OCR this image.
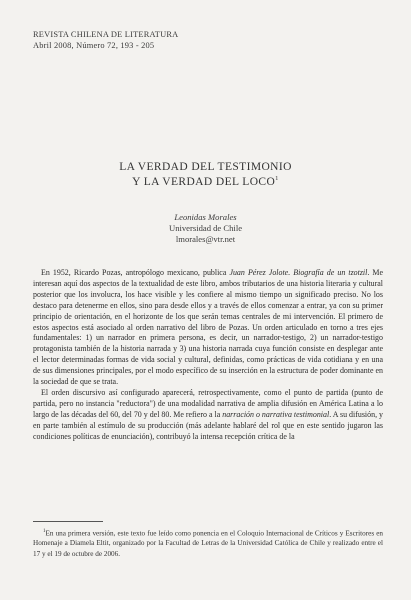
REVISTA CHILENA DE LITERATURA
Abril 2008, Número 72, 193 - 205
LA VERDAD DEL TESTIMONIO
Y LA VERDAD DEL LOCO$^1$
Leonidas Morales
Universidad de Chile
lmorales@vtr.net

En 1952, Ricardo Pozas, antropólogo mexicano, publica Juan Pérez Jolote. Biografía de un tzotzil. Me interesan aquí dos aspectos de la textualidad de este libro, ambos tributarios de una historia literaria y cultural posterior que los involucra, los hace visible y les confiere al mismo tiempo un significado preciso. No los destaco para detenerme en ellos, sino para desde ellos y a través de ellos comenzar a entrar, ya con su primer principio de orientación, en el horizonte de los que serán temas centrales de mi intervención. El primero de estos aspectos está asociado al orden narrativo del libro de Pozas. Un orden articulado en torno a tres ejes fundamentales: 1) un narrador en primera persona, es decir, un narrador-testigo, 2) un narrador-testigo protagonista también de la historia narrada y 3) una historia narrada cuya función consiste en desplegar ante el lector determinadas formas de vida social y cultural, definidas, como prácticas de vida cotidiana y en una de sus dimensiones principales, por el modo específico de su inserción en la estructura de poder dominante en la sociedad de que se trata.

El orden discursivo así configurado aparecerá, retrospectivamente, como el punto de partida (punto de partida, pero no instancia "reductora") de una modalidad narrativa de amplia difusión en América Latina a lo largo de las décadas del 60, del 70 y del 80. Me refiero a la narración o narrativa testimonial. A su difusión, y en parte también al estímulo de su producción (más adelante hablaré del rol que en este sentido jugaron las condiciones políticas de enunciación), contribuyó la intensa recepción crítica de la

$^1$En una primera versión, este texto fue leído como ponencia en el Coloquio Internacional de Críticos y Escritores en Homenaje a Diamela Eltit, organizado por la Facultad de Letras de la Universidad Católica de Chile y realizado entre el 17 y el 19 de octubre de 2006.
